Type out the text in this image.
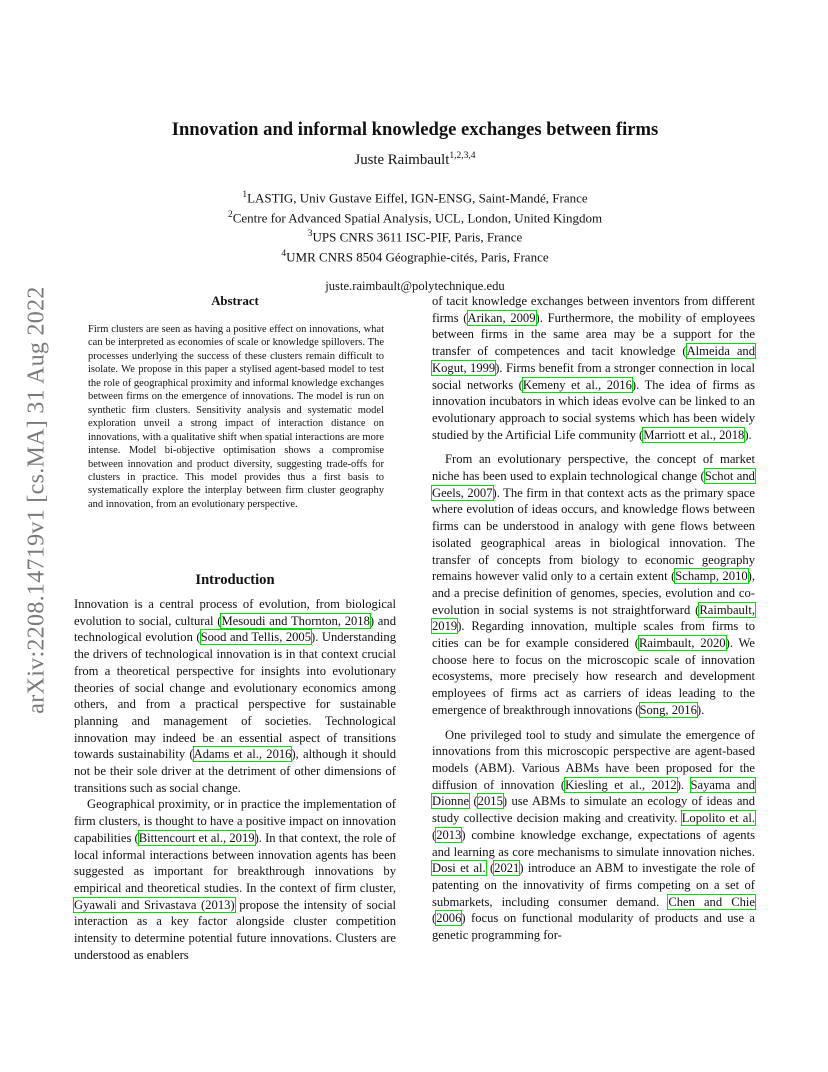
arXiv:2208.14719v1 [cs.MA] 31 Aug 2022
Innovation and informal knowledge exchanges between firms
Juste Raimbault$^{1,2,3,4}$
$^1$LASTIG, Univ Gustave Eiffel, IGN-ENSG, Saint-Mandé, France
$^2$Centre for Advanced Spatial Analysis, UCL, London, United Kingdom
$^3$UPS CNRS 3611 ISC-PIF, Paris, France
$^4$UMR CNRS 8504 Géographie-cités, Paris, France
juste.raimbault@polytechnique.edu
Abstract

Firm clusters are seen as having a positive effect on innovations, what can be interpreted as economies of scale or knowledge spillovers. The processes underlying the success of these clusters remain difficult to isolate. We propose in this paper a stylised agent-based model to test the role of geographical proximity and informal knowledge exchanges between firms on the emergence of innovations. The model is run on synthetic firm clusters. Sensitivity analysis and systematic model exploration unveil a strong impact of interaction distance on innovations, with a qualitative shift when spatial interactions are more intense. Model bi-objective optimisation shows a compromise between innovation and product diversity, suggesting trade-offs for clusters in practice. This model provides thus a first basis to systematically explore the interplay between firm cluster geography and innovation, from an evolutionary perspective.

Introduction

Innovation is a central process of evolution, from biological evolution to social, cultural (Mesoudi and Thornton, 2018) and technological evolution (Sood and Tellis, 2005). Understanding the drivers of technological innovation is in that context crucial from a theoretical perspective for insights into evolutionary theories of social change and evolutionary economics among others, and from a practical perspective for sustainable planning and management of societies. Technological innovation may indeed be an essential aspect of transitions towards sustainability (Adams et al., 2016), although it should not be their sole driver at the detriment of other dimensions of transitions such as social change.

Geographical proximity, or in practice the implementation of firm clusters, is thought to have a positive impact on innovation capabilities (Bittencourt et al., 2019). In that context, the role of local informal interactions between innovation agents has been suggested as important for breakthrough innovations by empirical and theoretical studies. In the context of firm cluster, Gyawali and Srivastava (2013) propose the intensity of social interaction as a key factor alongside cluster competition intensity to determine potential future innovations. Clusters are understood as enablers

of tacit knowledge exchanges between inventors from different firms (Arikan, 2009). Furthermore, the mobility of employees between firms in the same area may be a support for the transfer of competences and tacit knowledge (Almeida and Kogut, 1999). Firms benefit from a stronger connection in local social networks (Kemeny et al., 2016). The idea of firms as innovation incubators in which ideas evolve can be linked to an evolutionary approach to social systems which has been widely studied by the Artificial Life community (Marriott et al., 2018).

From an evolutionary perspective, the concept of market niche has been used to explain technological change (Schot and Geels, 2007). The firm in that context acts as the primary space where evolution of ideas occurs, and knowledge flows between firms can be understood in analogy with gene flows between isolated geographical areas in biological innovation. The transfer of concepts from biology to economic geography remains however valid only to a certain extent (Schamp, 2010), and a precise definition of genomes, species, evolution and co-evolution in social systems is not straightforward (Raimbault, 2019). Regarding innovation, multiple scales from firms to cities can be for example considered (Raimbault, 2020). We choose here to focus on the microscopic scale of innovation ecosystems, more precisely how research and development employees of firms act as carriers of ideas leading to the emergence of breakthrough innovations (Song, 2016).

One privileged tool to study and simulate the emergence of innovations from this microscopic perspective are agent-based models (ABM). Various ABMs have been proposed for the diffusion of innovation (Kiesling et al., 2012). Sayama and Dionne (2015) use ABMs to simulate an ecology of ideas and study collective decision making and creativity. Lopolito et al. (2013) combine knowledge exchange, expectations of agents and learning as core mechanisms to simulate innovation niches. Dosi et al. (2021) introduce an ABM to investigate the role of patenting on the innovativity of firms competing on a set of submarkets, including consumer demand. Chen and Chie (2006) focus on functional modularity of products and use a genetic programming for-
